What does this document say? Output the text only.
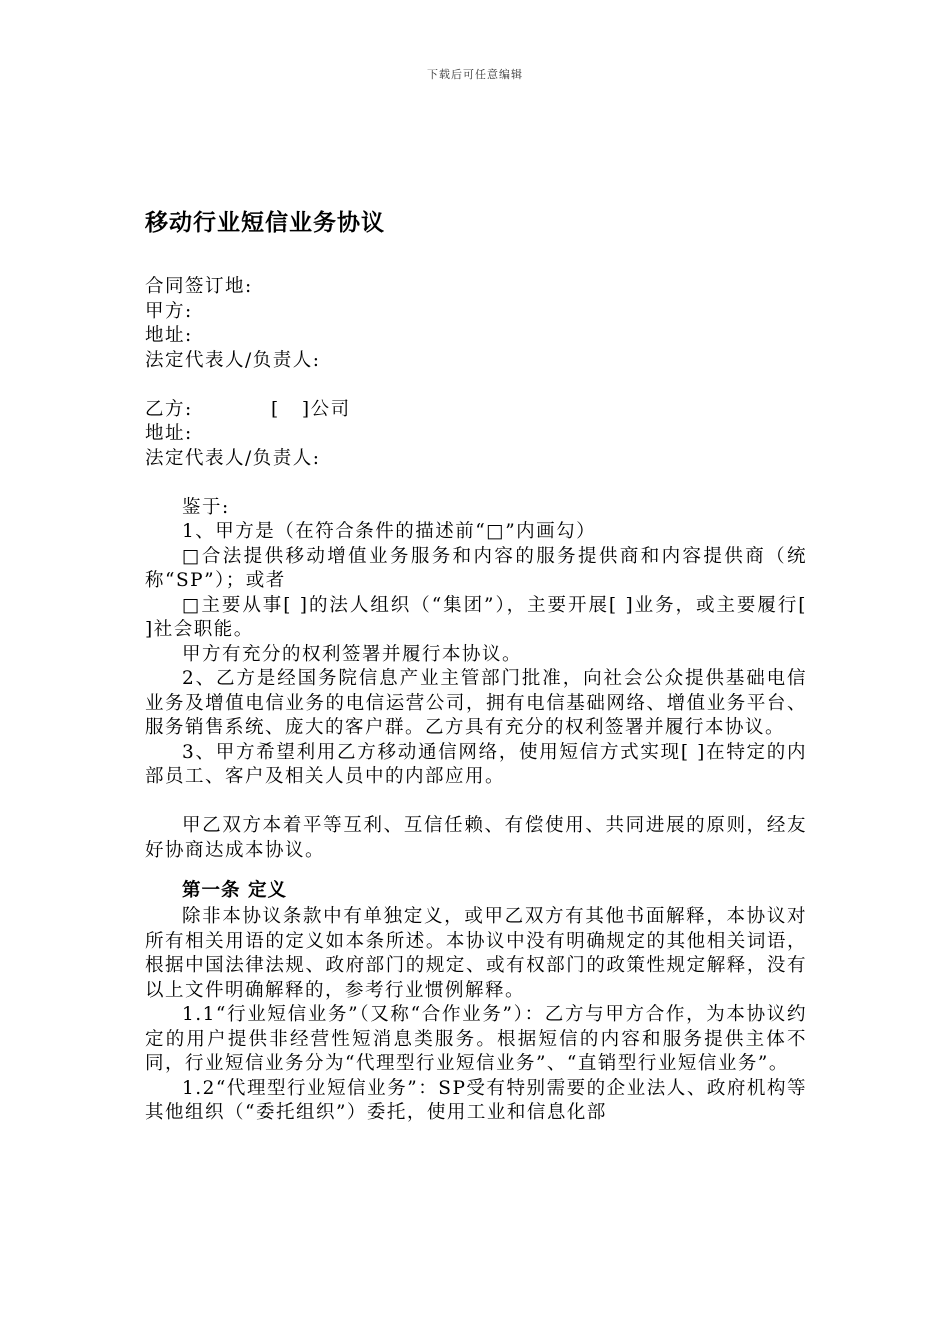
下载后可任意编辑
移动行业短信业务协议
合同签订地:
甲方:
地址:
法定代表人/负责人:
乙方:	[   ]公司
地址:
法定代表人/负责人:

鉴于:

1、甲方是（在符合条件的描述前“□”内画勾）

□合法提供移动增值业务服务和内容的服务提供商和内容提供商（统称“SP”）；或者

□主要从事[ ]的法人组织（“集团”），主要开展[ ]业务，或主要履行[ ]社会职能。

甲方有充分的权利签署并履行本协议。

2、乙方是经国务院信息产业主管部门批准，向社会公众提供基础电信业务及增值电信业务的电信运营公司，拥有电信基础网络、增值业务平台、服务销售系统、庞大的客户群。乙方具有充分的权利签署并履行本协议。

3、甲方希望利用乙方移动通信网络，使用短信方式实现[ ]在特定的内部员工、客户及相关人员中的内部应用。

甲乙双方本着平等互利、互信任赖、有偿使用、共同进展的原则，经友好协商达成本协议。

第一条 定义

除非本协议条款中有单独定义，或甲乙双方有其他书面解释，本协议对所有相关用语的定义如本条所述。本协议中没有明确规定的其他相关词语，根据中国法律法规、政府部门的规定、或有权部门的政策性规定解释，没有以上文件明确解释的，参考行业惯例解释。

1.1“行业短信业务”（又称“合作业务”）：乙方与甲方合作，为本协议约定的用户提供非经营性短消息类服务。根据短信的内容和服务提供主体不同，行业短信业务分为“代理型行业短信业务”、“直销型行业短信业务”。

1.2“代理型行业短信业务”：SP受有特别需要的企业法人、政府机构等其他组织（“委托组织”）委托，使用工业和信息化部
